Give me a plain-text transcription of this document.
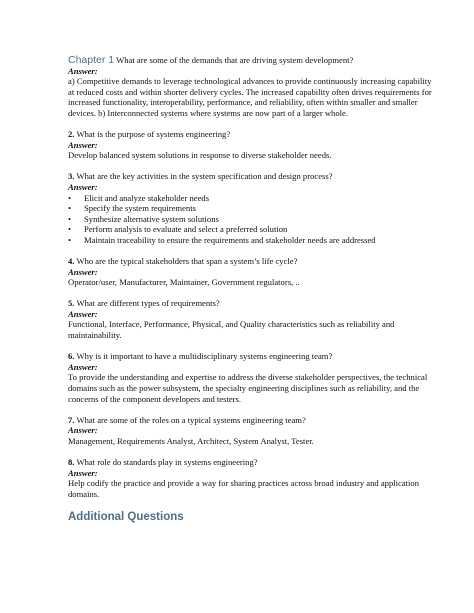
Chapter 1 What are some of the demands that are driving system development?

Answer:

a) Competitive demands to leverage technological advances to provide continuously increasing capability at reduced costs and within shorter delivery cycles. The increased capability often drives requirements for increased functionality, interoperability, performance, and reliability, often within smaller and smaller devices. b) Interconnected systems where systems are now part of a larger whole.

2. What is the purpose of systems engineering?

Answer:

Develop balanced system solutions in response to diverse stakeholder needs.

3. What are the key activities in the system specification and design process?

Answer:

• Elicit and analyze stakeholder needs
• Specify the system requirements
• Synthesize alternative system solutions
• Perform analysis to evaluate and select a preferred solution
• Maintain traceability to ensure the requirements and stakeholder needs are addressed

4. Who are the typical stakeholders that span a system’s life cycle?

Answer:

Operator/user, Manufacturer, Maintainer, Government regulators, ..

5. What are different types of requirements?

Answer:

Functional, Interface, Performance, Physical, and Quality characteristics such as reliability and maintainability.

6. Why is it important to have a multidisciplinary systems engineering team?

Answer:

To provide the understanding and expertise to address the diverse stakeholder perspectives, the technical domains such as the power subsystem, the specialty engineering disciplines such as reliability, and the concerns of the component developers and testers.

7. What are some of the roles on a typical systems engineering team?

Answer:

Management, Requirements Analyst, Architect, System Analyst, Tester.

8. What role do standards play in systems engineering?

Answer:

Help codify the practice and provide a way for sharing practices across broad industry and application domains.

Additional Questions
